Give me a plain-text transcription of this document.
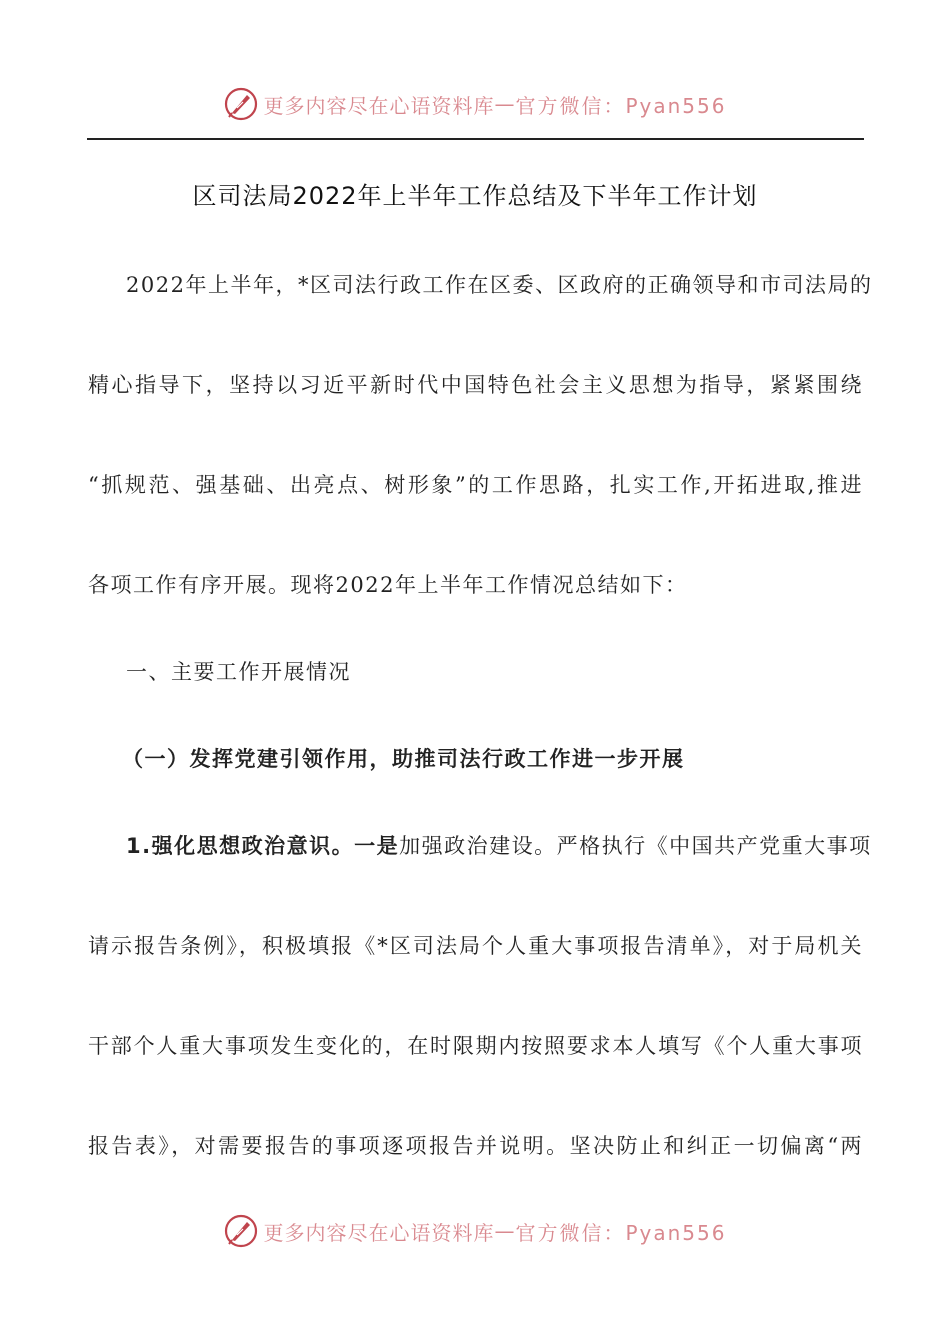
更多内容尽在心语资料库 — 官方微信：Pyan556
区司法局2022年上半年工作总结及下半年工作计划
2022年上半年，*区司法行政工作在区委、区政府的正确领导和市司法局的
精心指导下，坚持以习近平新时代中国特色社会主义思想为指导，紧紧围绕
“抓规范、强基础、出亮点、树形象”的工作思路，扎实工作,开拓进取,推进
各项工作有序开展。现将2022年上半年工作情况总结如下：
一、主要工作开展情况
（一）发挥党建引领作用，助推司法行政工作进一步开展
1.强化思想政治意识。一是加强政治建设。严格执行《中国共产党重大事项
请示报告条例》，积极填报《*区司法局个人重大事项报告清单》，对于局机关
干部个人重大事项发生变化的，在时限期内按照要求本人填写《个人重大事项
报告表》，对需要报告的事项逐项报告并说明。坚决防止和纠正一切偏离“两
更多内容尽在心语资料库 — 官方微信：Pyan556
